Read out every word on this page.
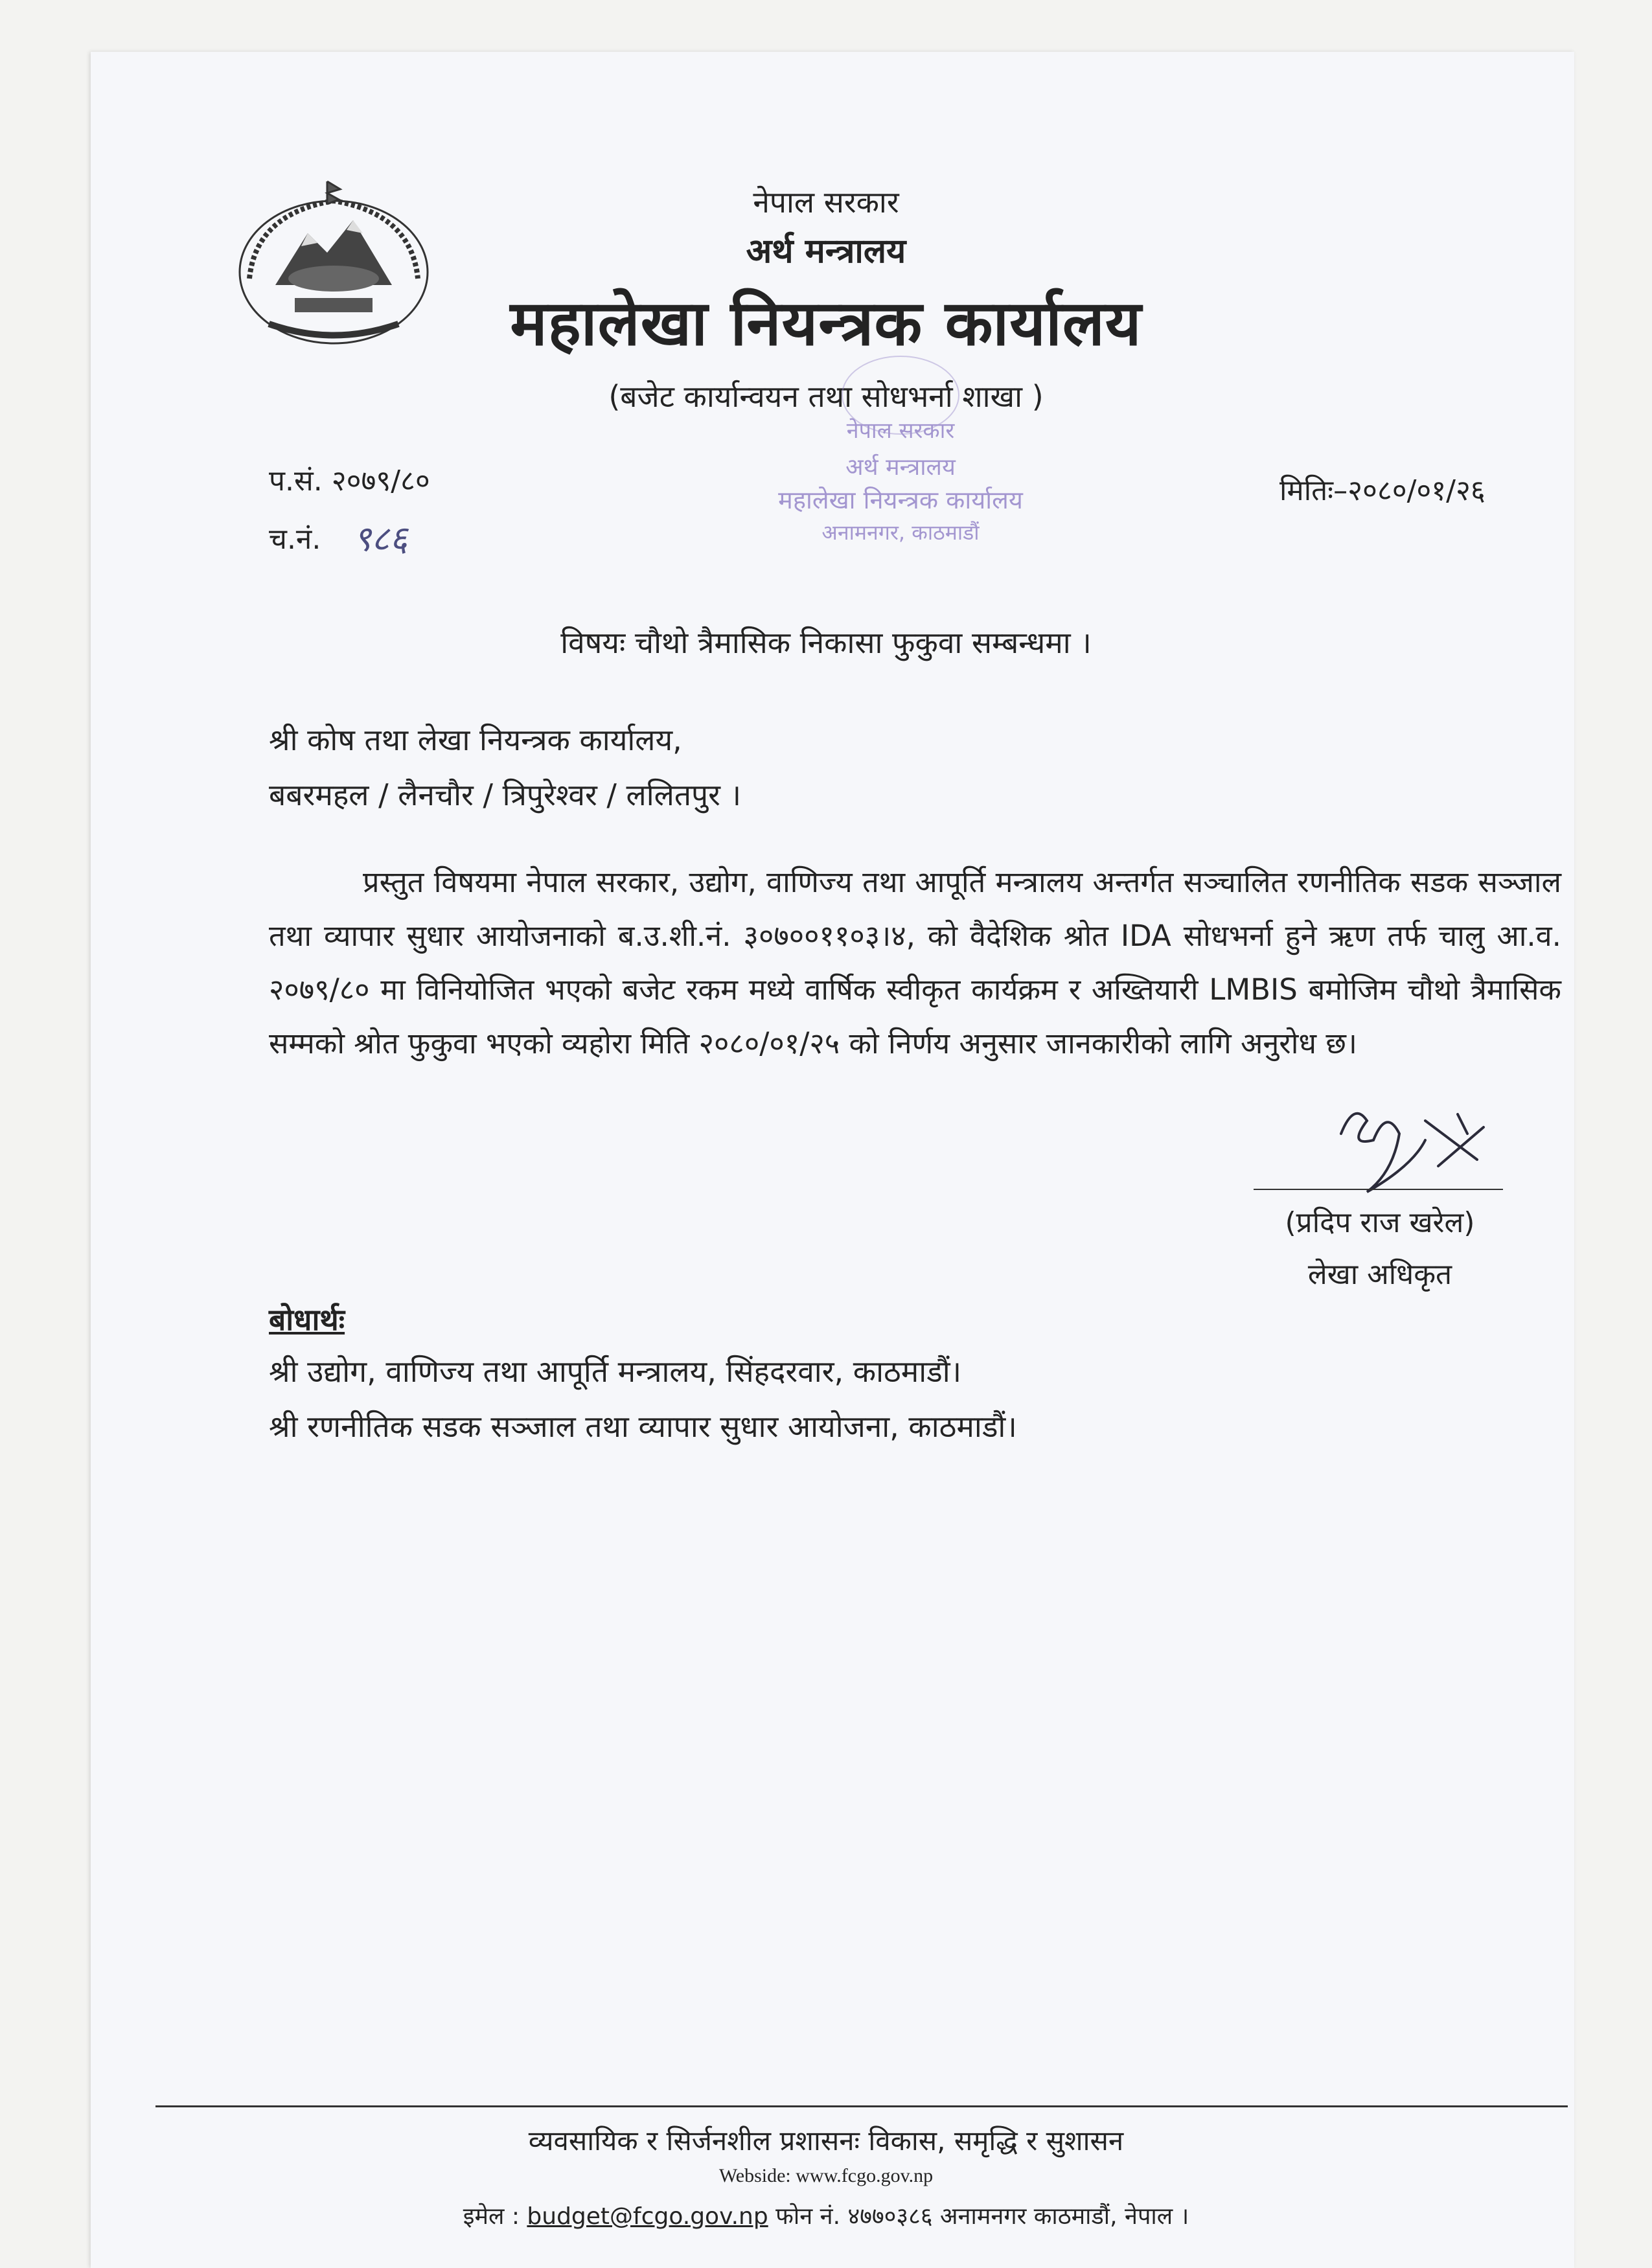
नेपाल सरकार
अर्थ मन्त्रालय
महालेखा नियन्त्रक कार्यालय
(बजेट कार्यान्वयन तथा सोधभर्ना शाखा )
नेपाल सरकार
अर्थ मन्त्रालय
महालेखा नियन्त्रक कार्यालय
अनामनगर, काठमाडौं
प.सं. २०७९/८०
च.नं. ९८६
मितिः–२०८०/०१/२६
विषयः चौथो त्रैमासिक निकासा फुकुवा सम्बन्धमा ।
श्री कोष तथा लेखा नियन्त्रक कार्यालय,
बबरमहल / लैनचौर / त्रिपुरेश्वर / ललितपुर ।
प्रस्तुत विषयमा नेपाल सरकार, उद्योग, वाणिज्य तथा आपूर्ति मन्त्रालय अन्तर्गत सञ्चालित रणनीतिक सडक सञ्जाल तथा व्यापार सुधार आयोजनाको ब.उ.शी.नं. ३०७००११०३।४, को वैदेशिक श्रोत IDA सोधभर्ना हुने ऋण तर्फ चालु आ.व. २०७९/८० मा विनियोजित भएको बजेट रकम मध्ये वार्षिक स्वीकृत कार्यक्रम र अख्तियारी LMBIS बमोजिम चौथो त्रैमासिक सम्मको श्रोत फुकुवा भएको व्यहोरा मिति २०८०/०१/२५ को निर्णय अनुसार जानकारीको लागि अनुरोध छ।
(प्रदिप राज खरेल)
लेखा अधिकृत
बोधार्थः
श्री उद्योग, वाणिज्य तथा आपूर्ति मन्त्रालय, सिंहदरवार, काठमाडौं।
श्री रणनीतिक सडक सञ्जाल तथा व्यापार सुधार आयोजना, काठमाडौं।
व्यवसायिक र सिर्जनशील प्रशासनः विकास, समृद्धि र सुशासन
Webside: www.fcgo.gov.np
इमेल : budget@fcgo.gov.np फोन नं. ४७७०३८६ अनामनगर काठमाडौं, नेपाल ।
